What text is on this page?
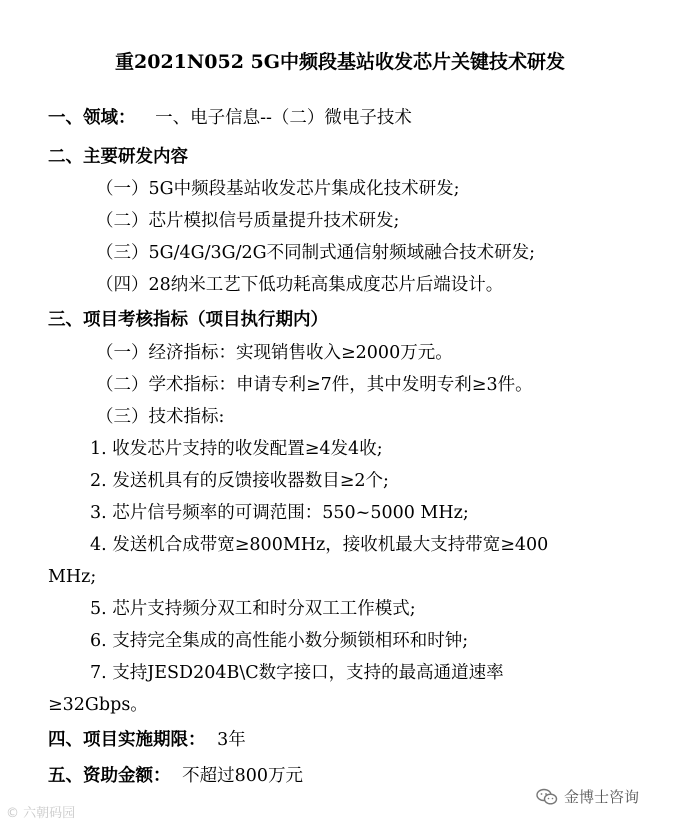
重2021N052 5G中频段基站收发芯片关键技术研发
一、领域： 一、电子信息--（二）微电子技术
二、主要研发内容
（一）5G中频段基站收发芯片集成化技术研发;
（二）芯片模拟信号质量提升技术研发;
（三）5G/4G/3G/2G不同制式通信射频域融合技术研发;
（四）28纳米工艺下低功耗高集成度芯片后端设计。
三、项目考核指标（项目执行期内）
（一）经济指标：实现销售收入≥2000万元。
（二）学术指标：申请专利≥7件，其中发明专利≥3件。
（三）技术指标:
1. 收发芯片支持的收发配置≥4发4收;
2. 发送机具有的反馈接收器数目≥2个;
3. 芯片信号频率的可调范围：550~5000 MHz;
4. 发送机合成带宽≥800MHz，接收机最大支持带宽≥400
MHz;
5. 芯片支持频分双工和时分双工工作模式;
6. 支持完全集成的高性能小数分频锁相环和时钟;
7. 支持JESD204B\C数字接口，支持的最高通道速率
≥32Gbps。
四、项目实施期限： 3年
五、资助金额： 不超过800万元
© 六朝码园
金博士咨询
